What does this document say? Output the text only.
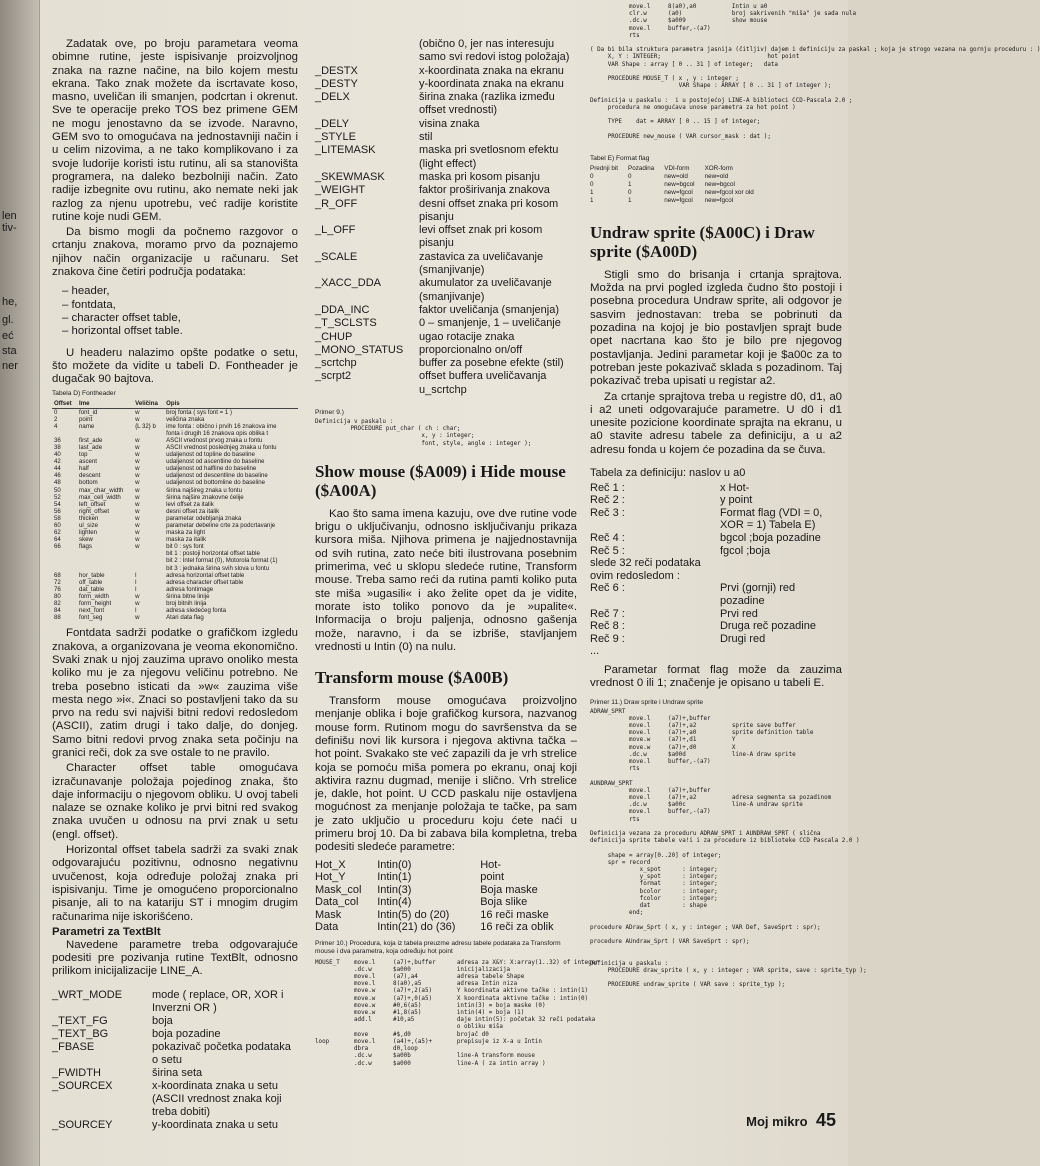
len
tiv-
he,
gl.
eć
sta
ner

Zadatak ove, po broju parametara veoma obimne rutine, jeste ispisivanje proizvoljnog znaka na razne načine, na bilo kojem mestu ekrana. Tako znak možete da iscrtavate koso, masno, uveličan ili smanjen, podcrtan i okrenut. Sve te operacije preko TOS bez primene GEM ne mogu jenostavno da se izvode. Naravno, GEM svo to omogućava na jednostavniji način i u celim nizovima, a ne tako komplikovano i za svoje ludorije koristi istu rutinu, ali sa stanovišta programera, na daleko bezbolniji način. Zato radije izbegnite ovu rutinu, ako nemate neki jak razlog za njenu upotrebu, već radije koristite rutine koje nudi GEM.

Da bismo mogli da počnemo razgovor o crtanju znakova, moramo prvo da poznajemo njihov način organizacije u računaru. Set znakova čine četiri područja podataka:

– header,
– fontdata,
– character offset table,
– horizontal offset table.

U headeru nalazimo opšte podatke o setu, što možete da vidite u tabeli D. Fontheader je dugačak 90 bajtova.

Tabela D) Fontheader
Offset	Ime	Veličina	Opis
0	font_id	w	broj fonta ( sys font = 1 )
2	point	w	veličina znaka
4	name	{L 32} b	ime fonta : obično i prvih 16 znakova ime
			fonta i drugih 16 znakova opis oblika t
36	first_ade	w	ASCII vrednost prvog znaka u fontu
38	last_ade	w	ASCII vrednost poslednjeg znaka u fontu
40	top	w	udaljenost od topline do baseline
42	ascent	w	udaljenost od ascentline do baseline
44	half	w	udaljenost od halfline do baseline
46	descent	w	udaljenost od descentline do baseline
48	bottom	w	udaljenost od bottomline do baseline
50	max_char_width	w	širina najšireg znaka u fontu
52	max_cell_width	w	širina najšire znakovne ćelije
54	left_offset	w	levi offset za italik
56	right_offset	w	desni offset za italik
58	thicken	w	parametar odebljanja znaka
60	ul_size	w	parametar debeline crte za podcrtavanje
62	lighten	w	maska za light
64	skew	w	maska za italik
66	flags	w	bit 0 : sys font
			bit 1 : postoji horizontal offset table
			bit 2 : Intel format (0), Motorola format (1)
			bit 3 : jednaka širina svih slova u fontu
68	hor_table	l	adresa horizontal offset table
72	off_table	l	adresa character offset table
76	dat_table	l	adresa fontimage
80	form_width	w	širina bitne linije
82	form_height	w	broj bitnih linija
84	next_font	l	adresa sledećeg fonta
88	font_seg	w	Atari data flag

Fontdata sadrži podatke o grafičkom izgledu znakova, a organizovana je veoma ekonomično. Svaki znak u njoj zauzima upravo onoliko mesta koliko mu je za njegovu veličinu potrebno. Ne treba posebno isticati da »w« zauzima više mesta nego »i«. Znaci so postavljeni tako da su prvo na redu svi najviši bitni redovi redosledom (ASCII), zatim drugi i tako dalje, do donjeg. Samo bitni redovi prvog znaka seta počinju na granici reči, dok za sve ostale to ne pravilo.

Character offset table omogućava izračunavanje položaja pojedinog znaka, što daje informaciju o njegovom obliku. U ovoj tabeli nalaze se oznake koliko je prvi bitni red svakog znaka uvučen u odnosu na prvi znak u setu (engl. offset).

Horizontal offset tabela sadrži za svaki znak odgovarajuću pozitivnu, odnosno negativnu uvučenost, koja određuje položaj znaka pri ispisivanju. Time je omogućeno proporcionalno pisanje, ali to na katariju ST i mnogim drugim računarima nije iskorišćeno.

Parametri za TextBlt

Navedene parametre treba odgovarajuće podesiti pre pozivanja rutine TextBlt, odnosno prilikom inicijalizacije LINE_A.

_WRT_MODE	mode ( replace, OR, XOR i Inverzni OR )
_TEXT_FG	boja
_TEXT_BG	boja pozadine
_FBASE	pokazivač početka podataka o setu
_FWIDTH	širina seta
_SOURCEX	x-koordinata znaka u setu (ASCII vrednost znaka koji treba dobiti)
_SOURCEY	y-koordinata znaka u setu
	(obično 0, jer nas interesuju samo svi redovi istog položaja)
_DESTX	x-koordinata znaka na ekranu
_DESTY	y-koordinata znaka na ekranu
_DELX	širina znaka (razlika između offset vrednosti)
_DELY	visina znaka
_STYLE	stil
_LITEMASK	maska pri svetlosnom efektu (light effect)
_SKEWMASK	maska pri kosom pisanju
_WEIGHT	faktor proširivanja znakova
_R_OFF	desni offset znaka pri kosom pisanju
_L_OFF	levi offset znak pri kosom pisanju
_SCALE	zastavica za uveličavanje (smanjivanje)
_XACC_DDA	akumulator za uveličavanje (smanjivanje)
_DDA_INC	faktor uveličanja (smanjenja)
_T_SCLSTS	0 – smanjenje, 1 – uveličanje
_CHUP	ugao rotacije znaka
_MONO_STATUS	proporcionalno on/off
_scrtchp	buffer za posebne efekte (stil)
_scrpt2	offset buffera uveličavanja u_scrtchp
Primer 9.)
Definicija v paskalu :
PROCEDURE put_char ( ch : char;
x, y : integer;
font, style, angle : integer );
Show mouse ($A009) i Hide mouse ($A00A)

Kao što sama imena kazuju, ove dve rutine vode brigu o uključivanju, odnosno isključivanju prikaza kursora miša. Njihova primena je najjednostavnija od svih rutina, zato neće biti ilustrovana posebnim primerima, već u sklopu sledeće rutine, Transform mouse. Treba samo reći da rutina pamti koliko puta ste miša »ugasili« i ako želite opet da je vidite, morate isto toliko ponovo da je »upalite«. Informacija o broju paljenja, odnosno gašenja može, naravno, i da se izbriše, stavljanjem vrednosti u Intin (0) na nulu.

Transform mouse ($A00B)

Transform mouse omogućava proizvoljno menjanje oblika i boje grafičkog kursora, nazvanog mouse form. Rutinom mogu do savršenstva da se definišu novi lik kursora i njegova aktivna tačka – hot point. Svakako ste već zapazili da je vrh strelice koja se pomoću miša pomera po ekranu, onaj koji aktivira raznu dugmad, menije i slično. Vrh strelice je, dakle, hot point. U CCD paskalu nije ostavljena mogućnost za menjanje položaja te tačke, pa sam je zato uključio u proceduru koju ćete naći u primeru broj 10. Da bi zabava bila kompletna, treba podesiti sledeće parametre:

Hot_X	Intin(0)	Hot-
Hot_Y	Intin(1)	point
Mask_col	Intin(3)	Boja maske
Data_col	Intin(4)	Boja slike
Mask	Intin(5) do (20)	16 reči maske
Data	Intin(21) do (36)	16 reči za oblik
Primer 10.) Procedura, koja iz tabela preuzme adresu tabele podataka za Transform mouse i dva parametra, koja određuju hot point
MOUSE_T    move.l     (a7)+,buffer      adresa za X&Y: X:array(1..32) of integer
.dc.w      $a000             inicijalizacija
move.l     (a7),a4           adresa tabele Shape
move.l     8(a0),a5          adresa Intin niza
move.w     (a7)+,2(a5)       Y koordinata aktivne tačke : intin(1)
move.w     (a7)+,0(a5)       X koordinata aktivne tačke : intin(0)
move.w     #0,6(a5)          intin(3) = boja maske (0)
move.w     #1,8(a5)          intin(4) = boja (1)
add.l      #10,a5            daje intin(5): početak 32 reči podataka
o obliku miša
move       #$,d0             brojač d0
loop       move.l     (a4)+,(a5)+       prepisuje iz X-a u Intin
dbra       d0,loop
.dc.w      $a00b             line-A transform mouse
.dc.w      $a000             line-A ( za intin array )
move.l     8(a0),a0          Intin u a0
clr.w      (a0)              broj sakrivenih "miša" je sada nula
.dc.w      $a009             show mouse
move.l     buffer,-(a7)
rts

( Da bi bila struktura parametra jasnija (čitljiv) dajem i definiciju za paskal ; koja je strogo vezana na gornju proceduru :
X, Y : INTEGER;                              hot point
VAR Shape : array [ 0 .. 31 ] of integer;   data

PROCEDURE MOUSE_T ( x , y : integer ;
VAR Shape : ARRAY [ 0 .. 31 ] of integer );

Definicija u paskalu :  i u postojećoj LINE-A biblioteci CCD-Pascala 2.0 ;
procedura ne omogućava unose parametra za hot point )

TYPE    dat = ARRAY [ 0 .. 15 ] of integer;

PROCEDURE new_mouse ( VAR cursor_mask : dat );
Tabel E) Format flag
Prednji bit	Pozadina	VDI-form	XOR-form
0	0	new=old	new=old
0	1	new=bgcol	new=bgcol
1	0	new=fgcol	new=fgcol xor old
1	1	new=fgcol	new=fgcol
Undraw sprite ($A00C) i Draw sprite ($A00D)

Stigli smo do brisanja i crtanja sprajtova. Možda na prvi pogled izgleda čudno što postoji i posebna procedura Undraw sprite, ali odgovor je sasvim jednostavan: treba se pobrinuti da pozadina na kojoj je bio postavljen sprajt bude opet nacrtana kao što je bilo pre njegovog postavljanja. Jedini parametar koji je $a00c za to potreban jeste pokazivač skladа s pozadinom. Taj pokazivač treba upisati u registar a2.

Za crtanje sprajtova treba u registre d0, d1, a0 i a2 uneti odgovarajuće parametre. U d0 i d1 unesite pozicione koordinate sprajta na ekranu, u a0 stavite adresu tabele za definiciju, a u a2 adresu fonda u kojem će pozadina da se čuva.

Tabela za definiciju: naslov u a0
Reč 1 :	x Hot-
Reč 2 :	y point
Reč 3 :	Format flag (VDI = 0, XOR = 1) Tabela E)
Reč 4 :	bgcol ;boja pozadine
Reč 5 :	fgcol ;boja
slede 32 reči podataka ovim redosledom :	
Reč 6 :	Prvi (gornji) red pozadine
Reč 7 :	Prvi red
Reč 8 :	Druga reč pozadine
Reč 9 :	Drugi red
...	

Parametar format flag može da zauzima vrednost 0 ili 1; značenje je opisano u tabeli E.

Primer 11.) Draw sprite i Undraw sprite
ADRAW_SPRT
move.l     (a7)+,buffer
move.l     (a7)+,a2          sprite save buffer
move.l     (a7)+,a0          sprite definition table
move.w     (a7)+,d1          Y
move.w     (a7)+,d0          X
.dc.w      $a00d             line-A draw sprite
move.l     buffer,-(a7)
rts

AUNDRAW_SPRT
move.l     (a7)+,buffer
move.l     (a7)+,a2          adresa segmenta sa pozadinom
.dc.w      $a00c             line-A undraw sprite
move.l     buffer,-(a7)
rts

Definicija vezana za proceduru ADRAW_SPRT i AUNDRAW_SPRT ( slična
definicija sprite tabele va!i i za procedure iz biblioteke CCD Pascala 2.0 )

shape = array[0..20] of integer;
spr = record
x_spot      : integer;
y_spot      : integer;
format      : integer;
bcolor      : integer;
fcolor      : integer;
dat         : shape
end;

procedure ADraw_Sprt ( x, y : integer ; VAR Def, SaveSprt : spr);

procedure AUndraw_Sprt ( VAR SaveSprt : spr);

Definicija u paskalu :
PROCEDURE draw_sprite ( x, y : integer ; VAR sprite, save : sprite_typ );

PROCEDURE undraw_sprite ( VAR save : sprite_typ );
Moj mikro 45
